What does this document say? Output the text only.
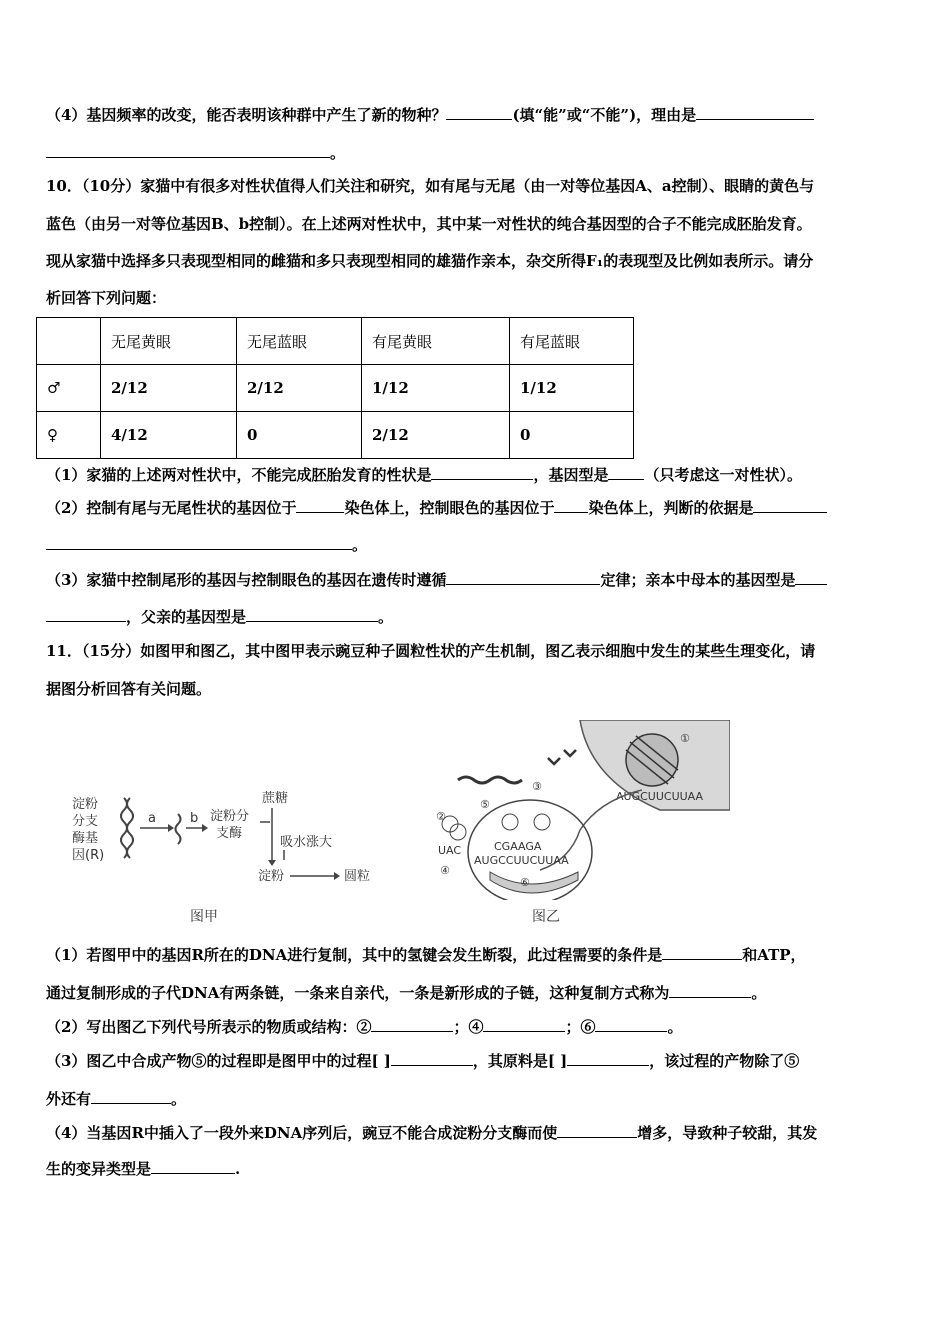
（4）基因频率的改变，能否表明该种群中产生了新的物种？	(填“能”或“不能”)，理由是
。
10．（10分）家猫中有很多对性状值得人们关注和研究，如有尾与无尾（由一对等位基因A、a控制）、眼睛的黄色与
蓝色（由另一对等位基因B、b控制）。在上述两对性状中，其中某一对性状的纯合基因型的合子不能完成胚胎发育。
现从家猫中选择多只表现型相同的雌猫和多只表现型相同的雄猫作亲本，杂交所得F₁的表现型及比例如表所示。请分
析回答下列问题：
	无尾黄眼	无尾蓝眼	有尾黄眼	有尾蓝眼
♂	2/12	2/12	1/12	1/12
♀	4/12	0	2/12	0
（1）家猫的上述两对性状中，不能完成胚胎发育的性状是	，基因型是 （只考虑这一对性状）。
（2）控制有尾与无尾性状的基因位于	染色体上，控制眼色的基因位于 染色体上，判断的依据是
。
（3）家猫中控制尾形的基因与控制眼色的基因在遗传时遵循	定律；亲本中母本的基因型是
，父亲的基因型是	。
11．（15分）如图甲和图乙，其中图甲表示豌豆种子圆粒性状的产生机制，图乙表示细胞中发生的某些生理变化，请
据图分析回答有关问题。
淀粉
分支
酶基
因(R)
a	b 淀粉分
支酶
蔗糖
吸水涨大
淀粉	圆粒
图甲
①
AUGCUUCUUAA
AUGCCUUCUUAA
UAC	CGAAGA
②
③
④
⑤
⑥
图乙
（1）若图甲中的基因R所在的DNA进行复制，其中的氢键会发生断裂，此过程需要的条件是	和ATP，
通过复制形成的子代DNA有两条链，一条来自亲代，一条是新形成的子链，这种复制方式称为	。
（2）写出图乙下列代号所表示的物质或结构：②	；④	；⑥	。
（3）图乙中合成产物⑤的过程即是图甲中的过程[ ]	，其原料是[ ]	，该过程的产物除了⑤
外还有	。
（4）当基因R中插入了一段外来DNA序列后，豌豆不能合成淀粉分支酶而使	增多，导致种子较甜，其发
生的变异类型是	.
